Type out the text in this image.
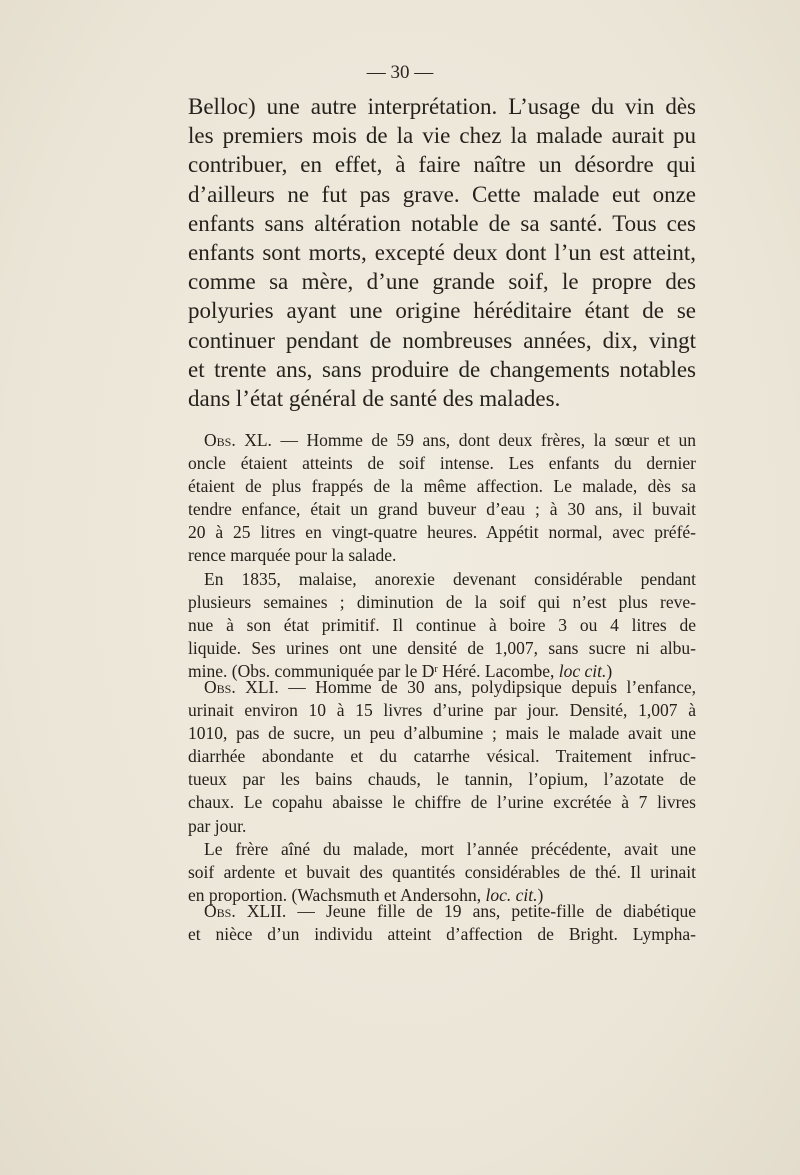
— 30 —
Belloc) une autre interprétation. L’usage du vin dès
les premiers mois de la vie chez la malade aurait pu
contribuer, en effet, à faire naître un désordre qui
d’ailleurs ne fut pas grave. Cette malade eut onze
enfants sans altération notable de sa santé. Tous ces
enfants sont morts, excepté deux dont l’un est atteint,
comme sa mère, d’une grande soif, le propre des
polyuries ayant une origine héréditaire étant de se
continuer pendant de nombreuses années, dix, vingt
et trente ans, sans produire de changements notables
dans l’état général de santé des malades.
Obs. XL. — Homme de 59 ans, dont deux frères, la sœur et un
oncle étaient atteints de soif intense. Les enfants du dernier
étaient de plus frappés de la même affection. Le malade, dès sa
tendre enfance, était un grand buveur d’eau ; à 30 ans, il buvait
20 à 25 litres en vingt-quatre heures. Appétit normal, avec préfé-
rence marquée pour la salade.
En 1835, malaise, anorexie devenant considérable pendant
plusieurs semaines ; diminution de la soif qui n’est plus reve-
nue à son état primitif. Il continue à boire 3 ou 4 litres de
liquide. Ses urines ont une densité de 1,007, sans sucre ni albu-
mine. (Obs. communiquée par le $D^r$ Héré. Lacombe, loc cit.)
Obs. XLI. — Homme de 30 ans, polydipsique depuis l’enfance,
urinait environ 10 à 15 livres d’urine par jour. Densité, 1,007 à
1010, pas de sucre, un peu d’albumine ; mais le malade avait une
diarrhée abondante et du catarrhe vésical. Traitement infruc-
tueux par les bains chauds, le tannin, l’opium, l’azotate de
chaux. Le copahu abaisse le chiffre de l’urine excrétée à 7 livres
par jour.
Le frère aîné du malade, mort l’année précédente, avait une
soif ardente et buvait des quantités considérables de thé. Il urinait
en proportion. (Wachsmuth et Andersohn, loc. cit.)
Obs. XLII. — Jeune fille de 19 ans, petite-fille de diabétique
et nièce d’un individu atteint d’affection de Bright. Lympha-
